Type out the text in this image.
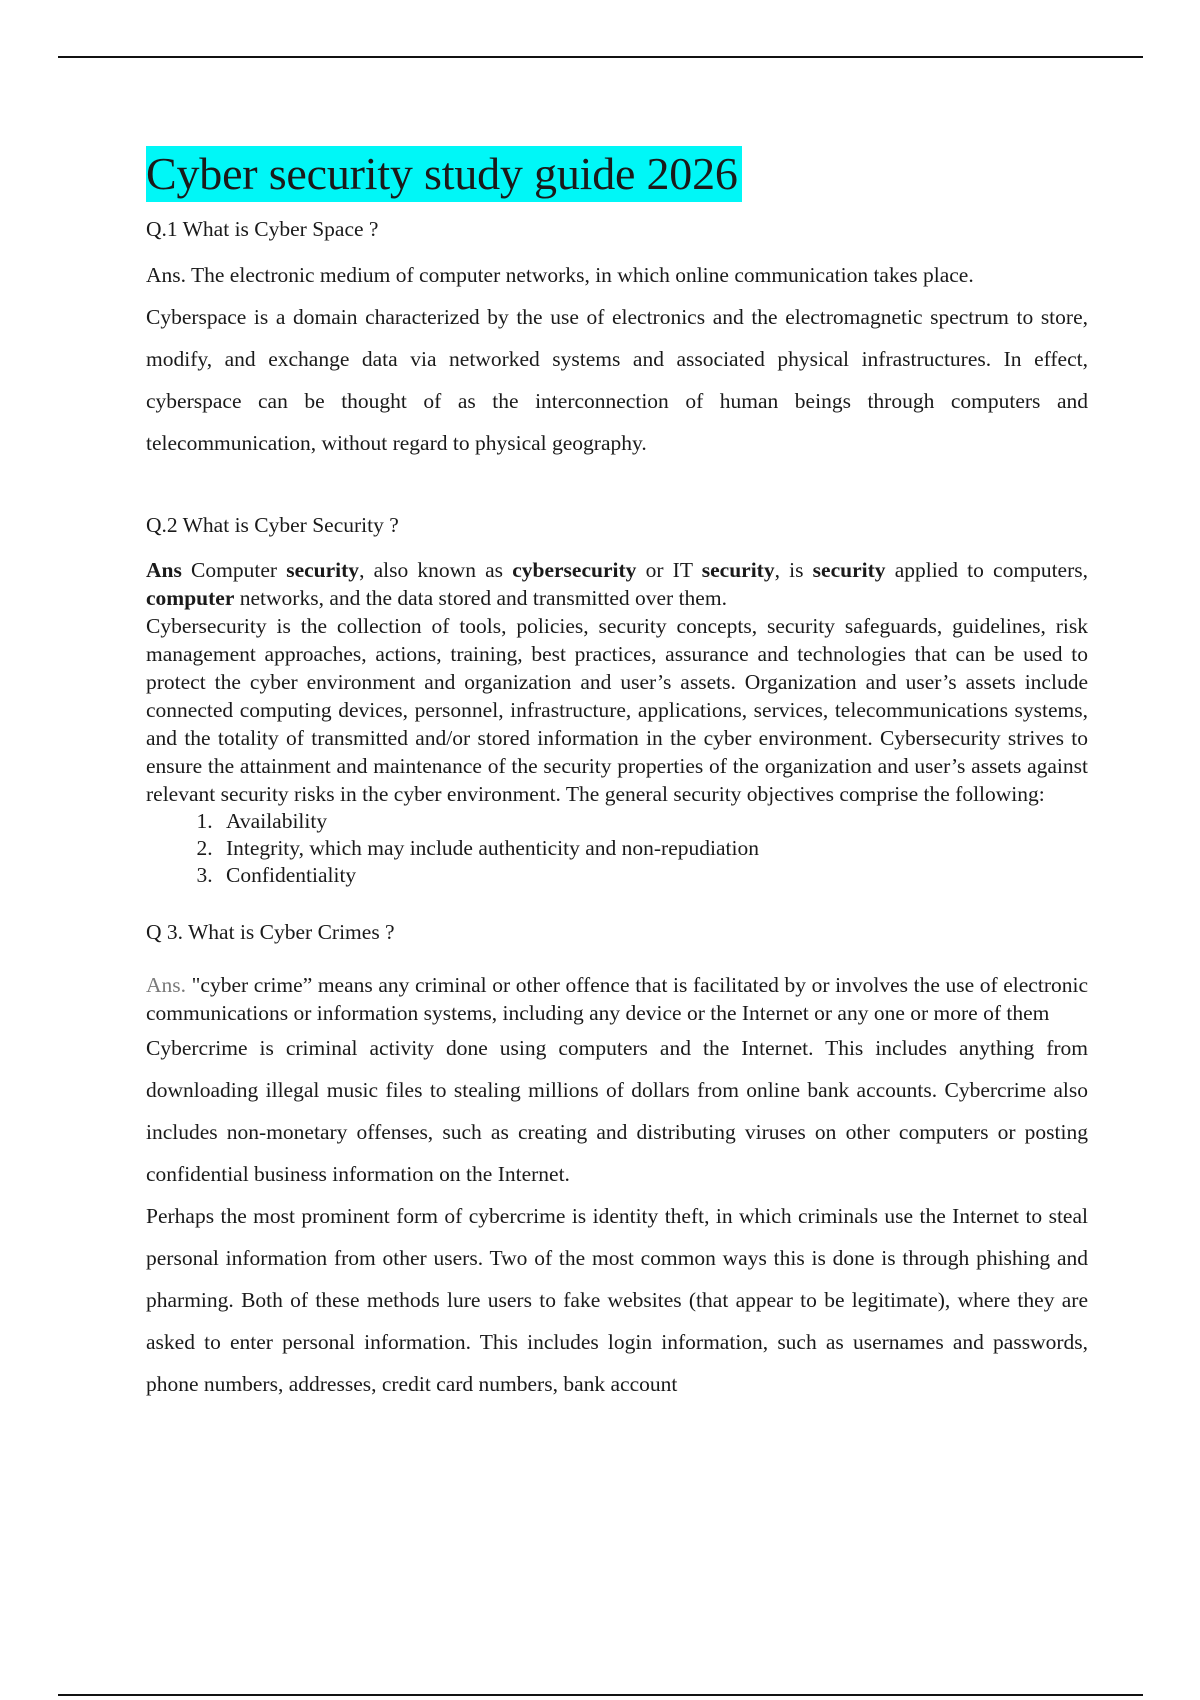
Cyber security study guide 2026

Q.1 What is Cyber Space ?

Ans. The electronic medium of computer networks, in which online communication takes place.

Cyberspace is a domain characterized by the use of electronics and the electromagnetic spectrum to store, modify, and exchange data via networked systems and associated physical infrastructures. In effect, cyberspace can be thought of as the interconnection of human beings through computers and telecommunication, without regard to physical geography.

Q.2 What is Cyber Security ?

Ans Computer security, also known as cybersecurity or IT security, is security applied to computers, computer networks, and the data stored and transmitted over them.

Cybersecurity is the collection of tools, policies, security concepts, security safeguards, guidelines, risk management approaches, actions, training, best practices, assurance and technologies that can be used to protect the cyber environment and organization and user’s assets. Organization and user’s assets include connected computing devices, personnel, infrastructure, applications, services, telecommunications systems, and the totality of transmitted and/or stored information in the cyber environment. Cybersecurity strives to ensure the attainment and maintenance of the security properties of the organization and user’s assets against relevant security risks in the cyber environment. The general security objectives comprise the following:

1. Availability
2. Integrity, which may include authenticity and non-repudiation
3. Confidentiality

Q 3. What is Cyber Crimes ?

Ans. "cyber crime” means any criminal or other offence that is facilitated by or involves the use of electronic communications or information systems, including any device or the Internet or any one or more of them

Cybercrime is criminal activity done using computers and the Internet. This includes anything from downloading illegal music files to stealing millions of dollars from online bank accounts. Cybercrime also includes non-monetary offenses, such as creating and distributing viruses on other computers or posting confidential business information on the Internet.

Perhaps the most prominent form of cybercrime is identity theft, in which criminals use the Internet to steal personal information from other users. Two of the most common ways this is done is through phishing and pharming. Both of these methods lure users to fake websites (that appear to be legitimate), where they are asked to enter personal information. This includes login information, such as usernames and passwords, phone numbers, addresses, credit card numbers, bank account
